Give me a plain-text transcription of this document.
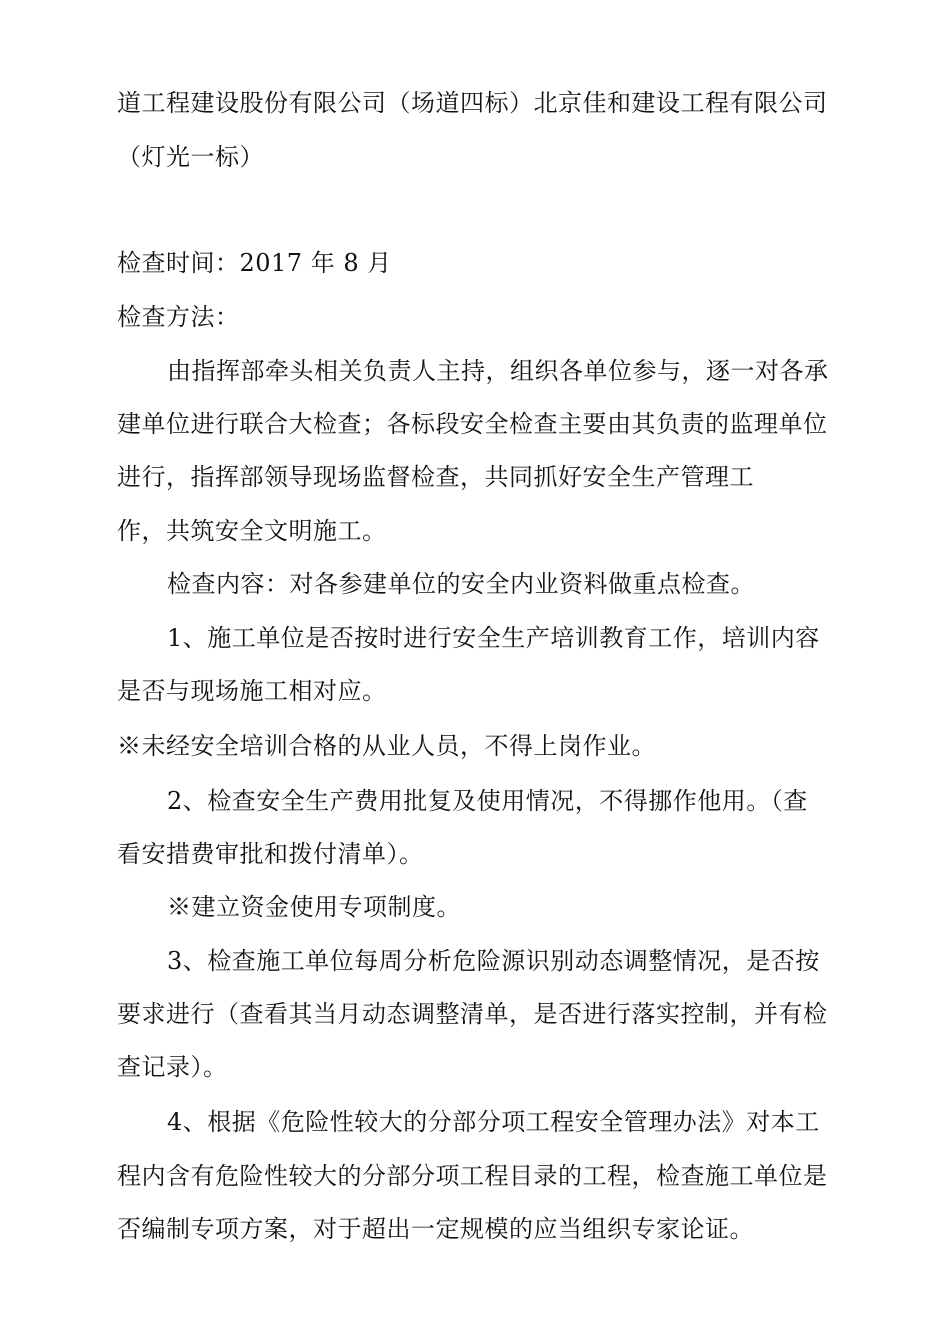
道工程建设股份有限公司（场道四标）北京佳和建设工程有限公司
（灯光一标）
检查时间：2017 年 8 月
检查方法：
由指挥部牵头相关负责人主持，组织各单位参与，逐一对各承
建单位进行联合大检查；各标段安全检查主要由其负责的监理单位
进行，指挥部领导现场监督检查，共同抓好安全生产管理工
作，共筑安全文明施工。
检查内容：对各参建单位的安全内业资料做重点检查。
1、施工单位是否按时进行安全生产培训教育工作，培训内容
是否与现场施工相对应。
※未经安全培训合格的从业人员，不得上岗作业。
2、检查安全生产费用批复及使用情况，不得挪作他用。（查
看安措费审批和拨付清单）。
※建立资金使用专项制度。
3、检查施工单位每周分析危险源识别动态调整情况，是否按
要求进行（查看其当月动态调整清单，是否进行落实控制，并有检
查记录）。
4、根据《危险性较大的分部分项工程安全管理办法》对本工
程内含有危险性较大的分部分项工程目录的工程，检查施工单位是
否编制专项方案，对于超出一定规模的应当组织专家论证。
